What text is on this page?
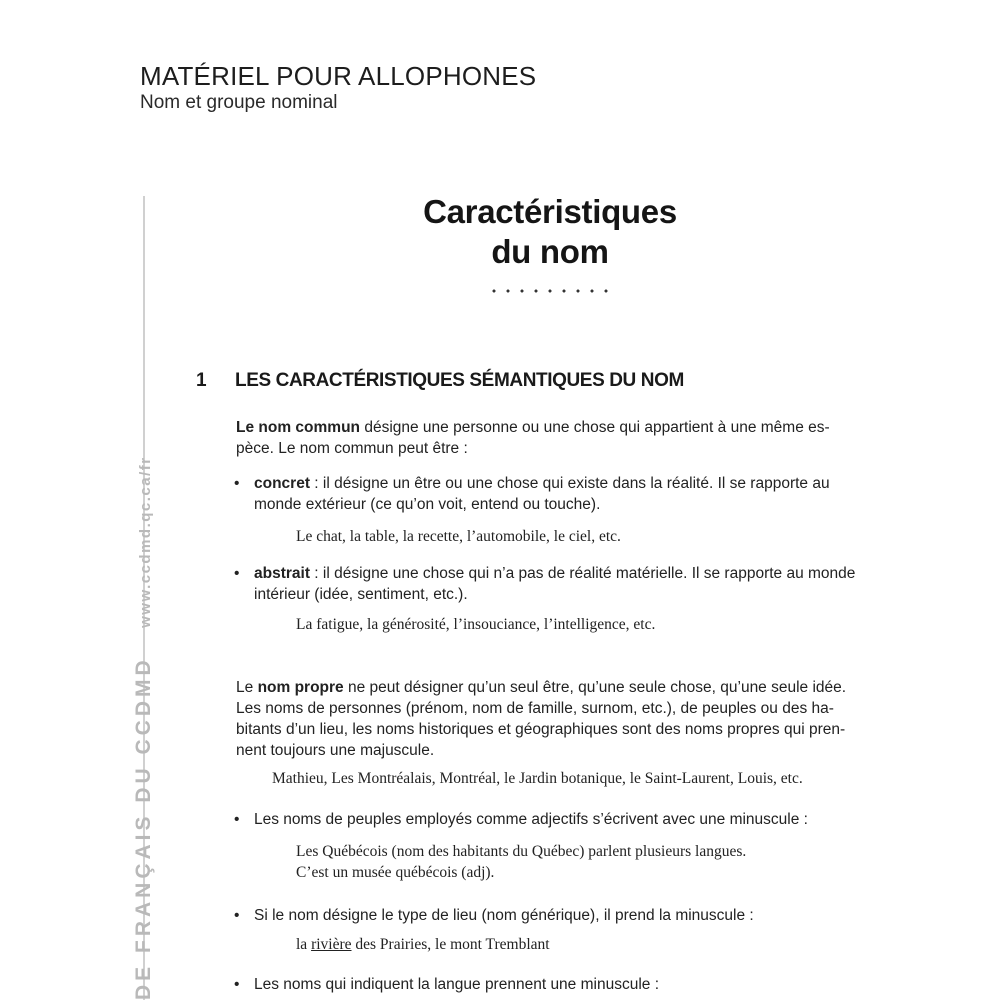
MATÉRIEL POUR ALLOPHONES
Nom et groupe nominal
DE FRANÇAIS DU CCDMD www.ccdmd.qc.ca/fr
Caractéristiques
du nom
1 LES CARACTÉRISTIQUES SÉMANTIQUES DU NOM
Le nom commun désigne une personne ou une chose qui appartient à une même es-
pèce. Le nom commun peut être :
• concret : il désigne un être ou une chose qui existe dans la réalité. Il se rapporte au
monde extérieur (ce qu’on voit, entend ou touche).
Le chat, la table, la recette, l’automobile, le ciel, etc.
• abstrait : il désigne une chose qui n’a pas de réalité matérielle. Il se rapporte au monde
intérieur (idée, sentiment, etc.).
La fatigue, la générosité, l’insouciance, l’intelligence, etc.
Le nom propre ne peut désigner qu’un seul être, qu’une seule chose, qu’une seule idée.
Les noms de personnes (prénom, nom de famille, surnom, etc.), de peuples ou des ha-
bitants d’un lieu, les noms historiques et géographiques sont des noms propres qui pren-
nent toujours une majuscule.
Mathieu, Les Montréalais, Montréal, le Jardin botanique, le Saint-Laurent, Louis, etc.
• Les noms de peuples employés comme adjectifs s’écrivent avec une minuscule :
Les Québécois (nom des habitants du Québec) parlent plusieurs langues.
C’est un musée québécois (adj).
• Si le nom désigne le type de lieu (nom générique), il prend la minuscule :
la rivière des Prairies, le mont Tremblant
• Les noms qui indiquent la langue prennent une minuscule :
